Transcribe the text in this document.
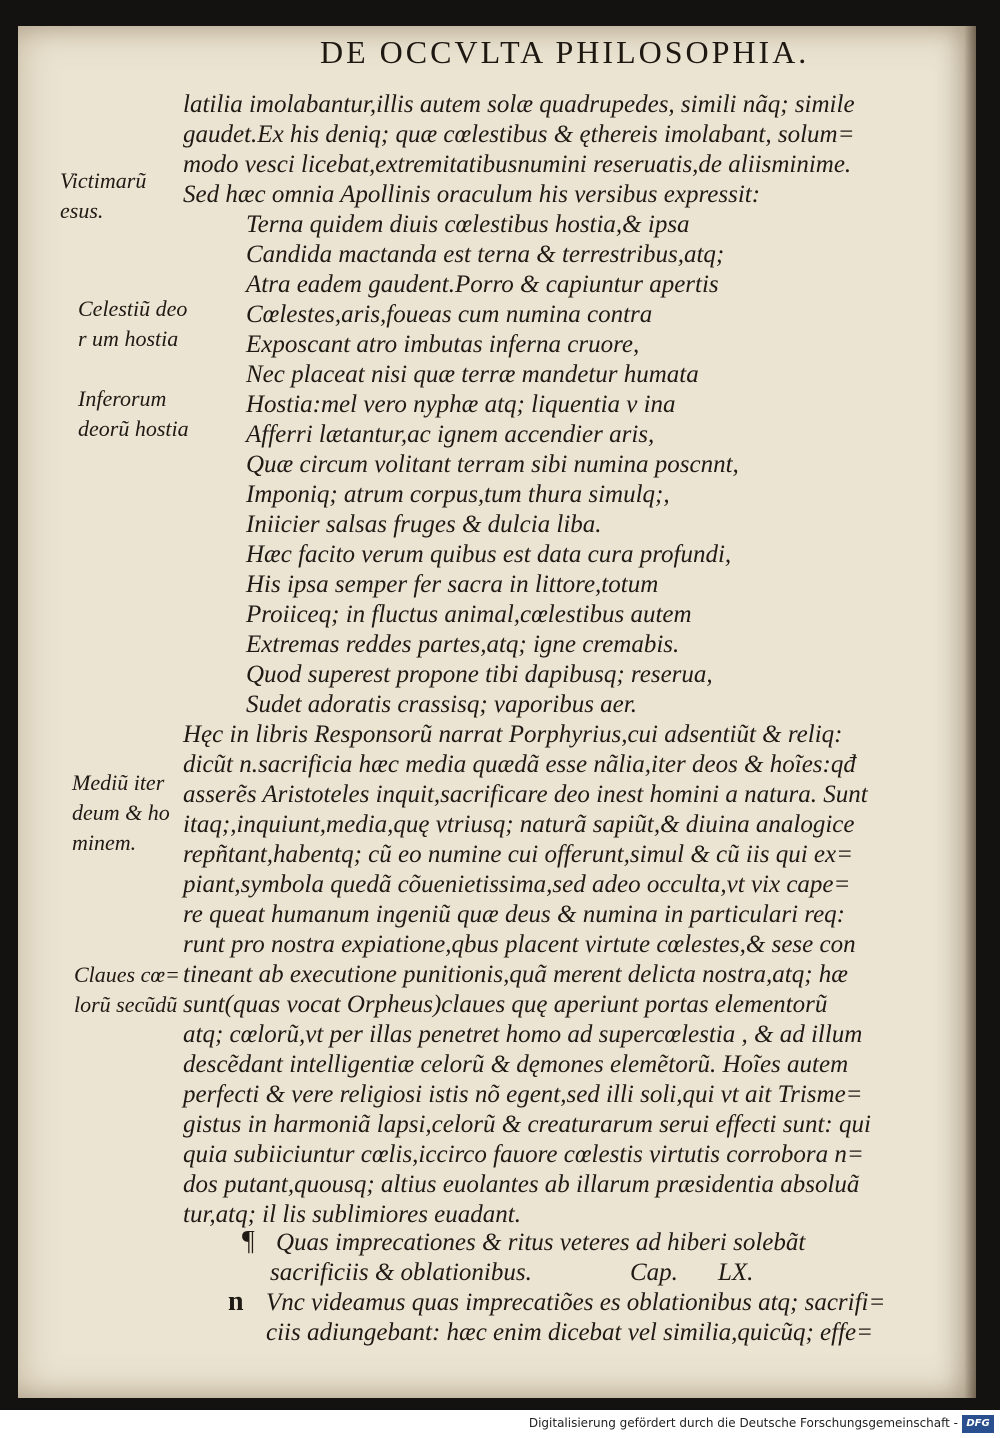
DE OCCVLTA PHILOSOPHIA.
latilia imolabantur,illis autem solæ quadrupedes, simili nãq; simile
gaudet.Ex his deniq; quæ cœlestibus & ęthereis imolabant, solum=
modo vesci licebat,extremitatibusnumini reseruatis,de aliisminime.
Sed hæc omnia Apollinis oraculum his versibus expressit:
Terna quidem diuis cœlestibus hostia,& ipsa
Candida mactanda est terna & terrestribus,atq;
Atra eadem gaudent.Porro & capiuntur apertis
Cœlestes,aris,foueas cum numina contra
Exposcant atro imbutas inferna cruore,
Nec placeat nisi quæ terræ mandetur humata
Hostia:mel vero nyphæ atq; liquentia v ina
Afferri lætantur,ac ignem accendier aris,
Quæ circum volitant terram sibi numina poscnnt,
Imponiq; atrum corpus,tum thura simulq;,
Iniicier salsas fruges & dulcia liba.
Hæc facito verum quibus est data cura profundi,
His ipsa semper fer sacra in littore,totum
Proiiceq; in fluctus animal,cœlestibus autem
Extremas reddes partes,atq; igne cremabis.
Quod superest propone tibi dapibusq; reserua,
Sudet adoratis crassisq; vaporibus aer.
Hęc in libris Responsorũ narrat Porphyrius,cui adsentiũt & reliq:
dicũt n.sacrificia hæc media quædã esse nãlia,iter deos & hoĩes:qđ
asserẽs Aristoteles inquit,sacrificare deo inest homini a natura. Sunt
itaq;,inquiunt,media,quę vtriusq; naturã sapiũt,& diuina analogice
repñtant,habentq; cũ eo numine cui offerunt,simul & cũ iis qui ex=
piant,symbola quedã cõuenietissima,sed adeo occulta,vt vix cape=
re queat humanum ingeniũ quæ deus & numina in particulari req:
runt pro nostra expiatione,qbus placent virtute cœlestes,& sese con
tineant ab executione punitionis,quã merent delicta nostra,atq; hæ
sunt(quas vocat Orpheus)claues quę aperiunt portas elementorũ
atq; cœlorũ,vt per illas penetret homo ad supercœlestia , & ad illum
descẽdant intelligentiæ celorũ & dęmones elemẽtorũ. Hoĩes autem
perfecti & vere religiosi istis nõ egent,sed illi soli,qui vt ait Trisme=
gistus in harmoniã lapsi,celorũ & creaturarum serui effecti sunt: qui
quia subiiciuntur cœlis,iccirco fauore cœlestis virtutis corrobora n=
dos putant,quousq; altius euolantes ab illarum præsidentia absoluã
tur,atq; il lis sublimiores euadant.
¶ Quas imprecationes & ritus veteres ad hiberi solebãt
sacrificiis & oblationibus.	Cap. LX.
n Vnc videamus quas imprecatiões es oblationibus atq; sacrifi=
ciis adiungebant: hæc enim dicebat vel similia,quicũq; effe=
Victimarũ
esus.
Celestiũ deo
r um hostia
Inferorum
deorũ hostia
Mediũ iter
deum & ho
minem.
Claues cœ=
lorũ secũdũ
Digitalisierung gefördert durch die Deutsche Forschungsgemeinschaft - DFG
